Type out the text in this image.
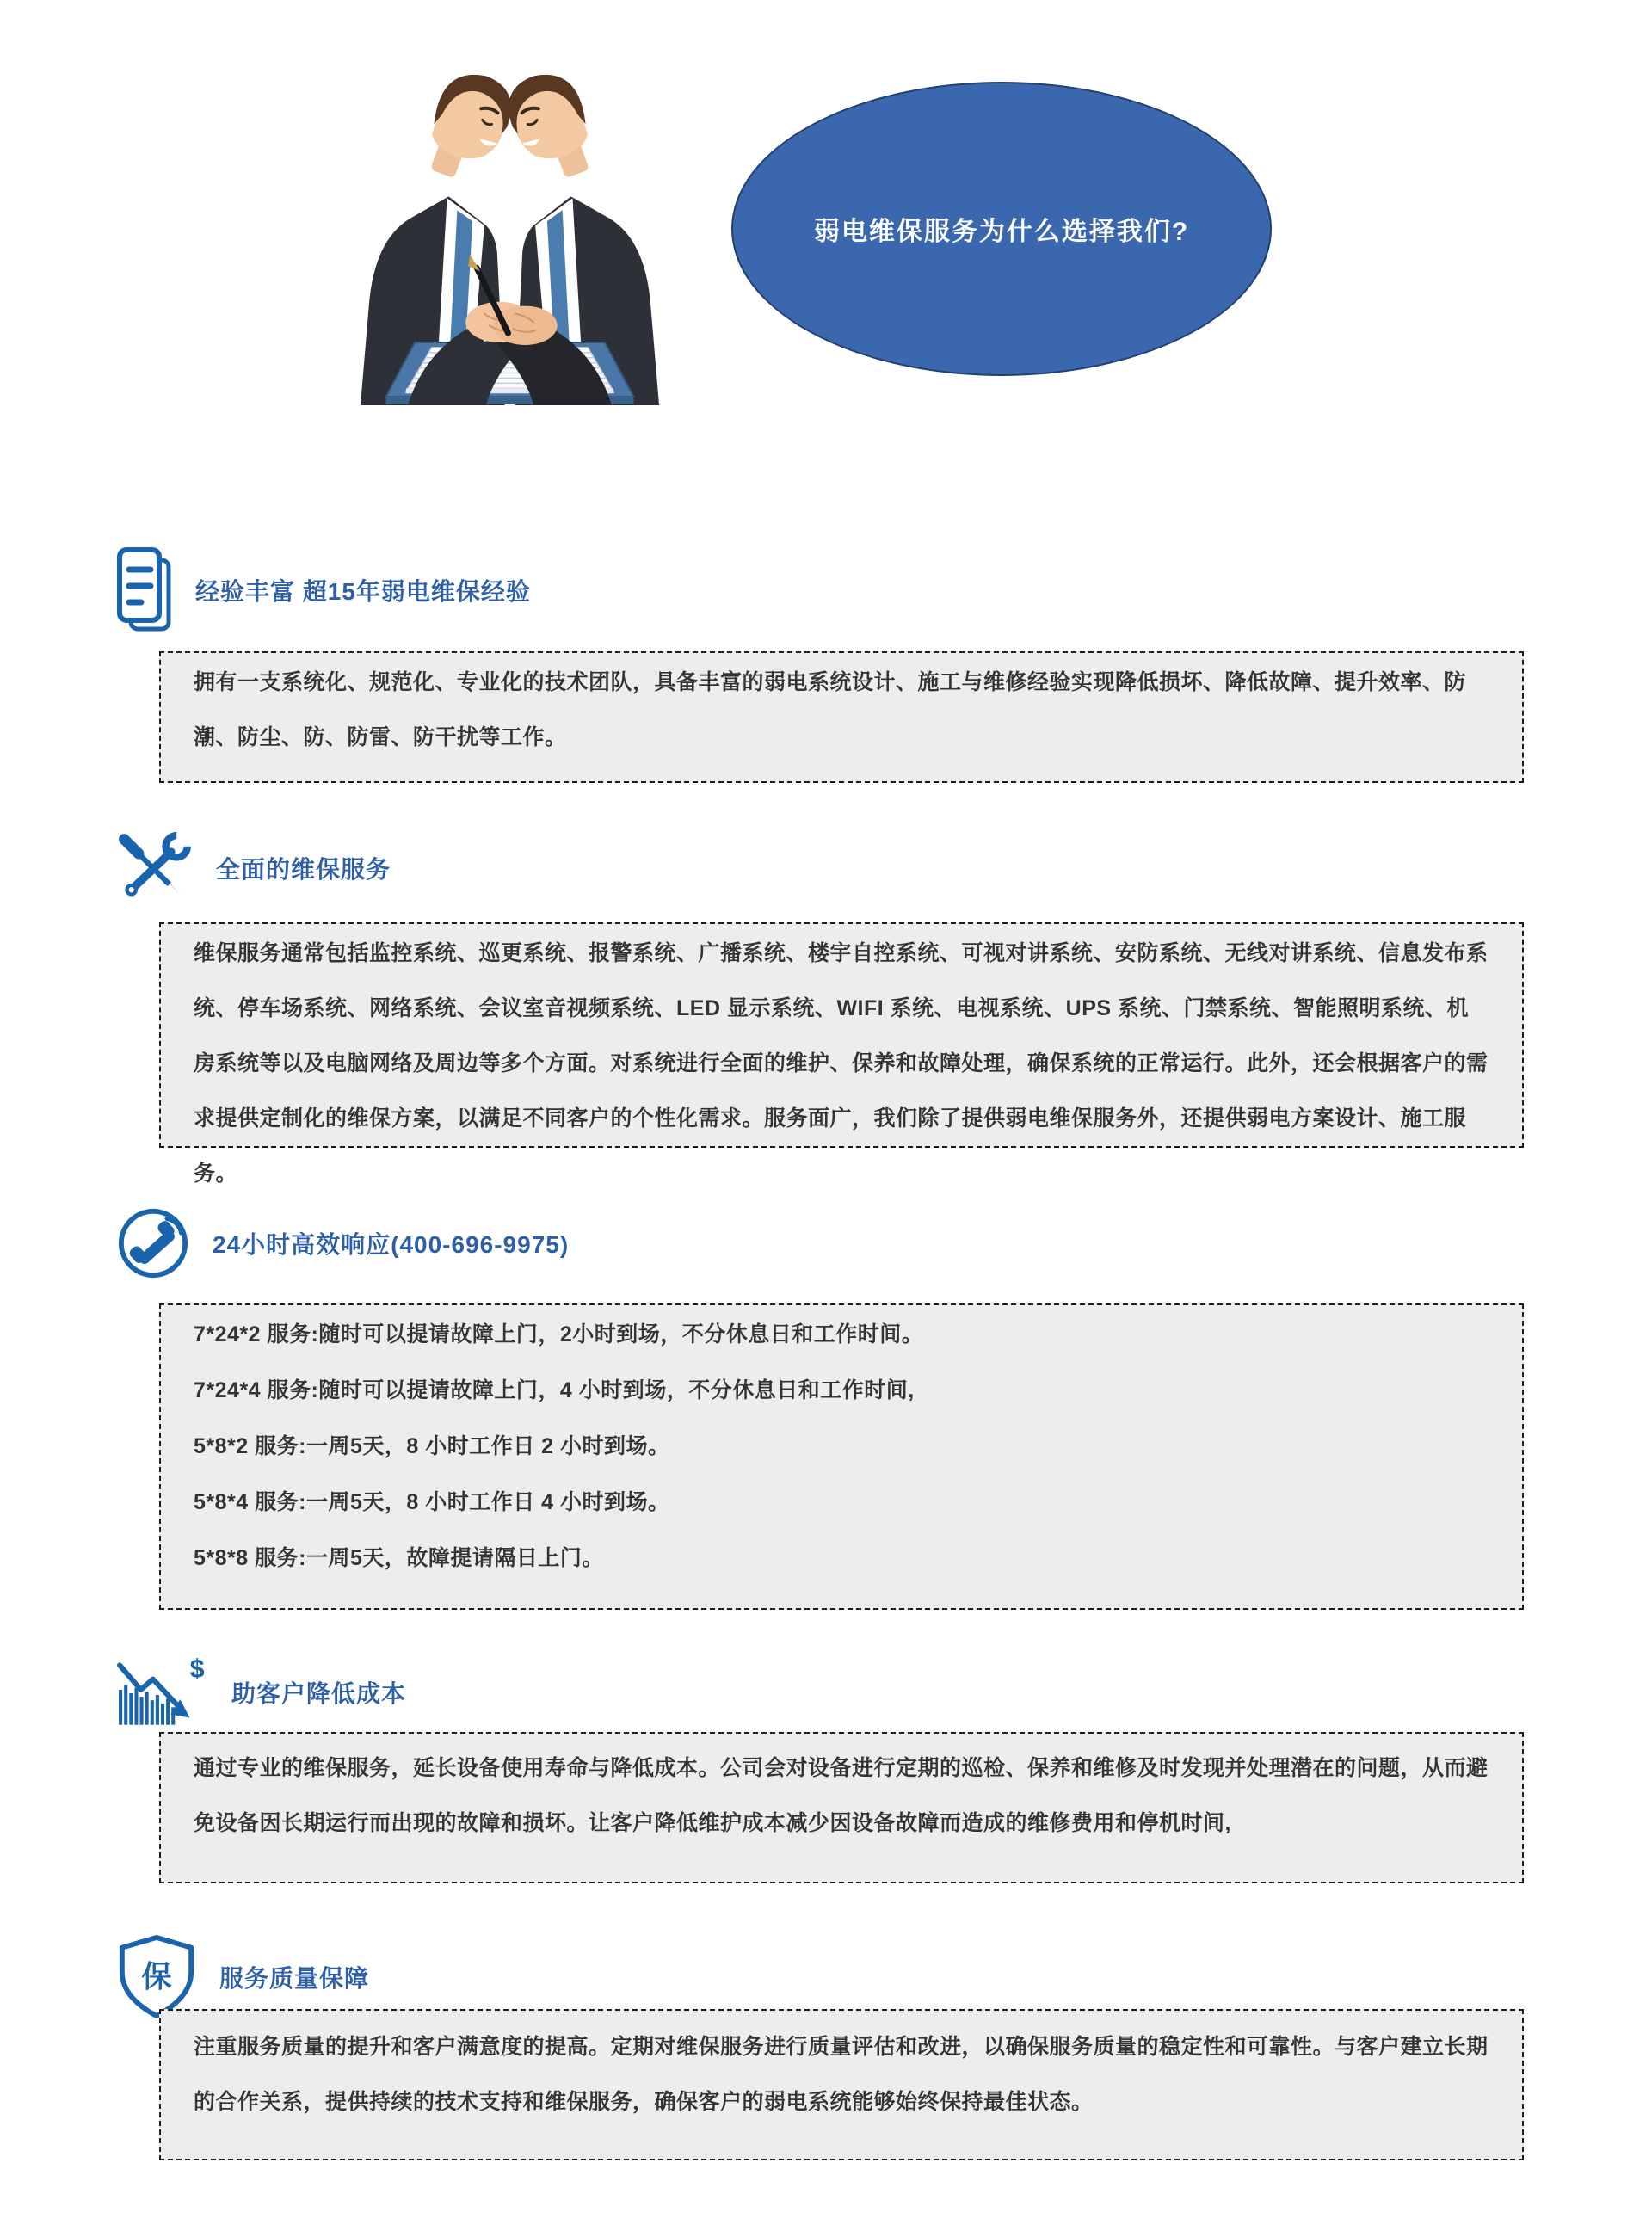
弱电维保服务为什么选择我们?
经验丰富 超15年弱电维保经验

拥有一支系统化、规范化、专业化的技术团队，具备丰富的弱电系统设计、施工与维修经验实现降低损坏、降低故障、提升效率、防潮、防尘、防、防雷、防干扰等工作。

全面的维保服务

维保服务通常包括监控系统、巡更系统、报警系统、广播系统、楼宇自控系统、可视对讲系统、安防系统、无线对讲系统、信息发布系统、停车场系统、网络系统、会议室音视频系统、LED 显示系统、WIFI 系统、电视系统、UPS 系统、门禁系统、智能照明系统、机房系统等以及电脑网络及周边等多个方面。对系统进行全面的维护、保养和故障处理，确保系统的正常运行。此外，还会根据客户的需求提供定制化的维保方案，以满足不同客户的个性化需求。服务面广，我们除了提供弱电维保服务外，还提供弱电方案设计、施工服务。

24小时高效响应(400-696-9975)

7*24*2 服务:随时可以提请故障上门，2小时到场，不分休息日和工作时间。

7*24*4 服务:随时可以提请故障上门，4 小时到场，不分休息日和工作时间,

5*8*2 服务:一周5天，8 小时工作日 2 小时到场。

5*8*4 服务:一周5天，8 小时工作日 4 小时到场。

5*8*8 服务:一周5天，故障提请隔日上门。

$
助客户降低成本

通过专业的维保服务，延长设备使用寿命与降低成本。公司会对设备进行定期的巡检、保养和维修及时发现并处理潜在的问题，从而避免设备因长期运行而出现的故障和损坏。让客户降低维护成本减少因设备故障而造成的维修费用和停机时间,

保 服务质量保障

注重服务质量的提升和客户满意度的提高。定期对维保服务进行质量评估和改进，以确保服务质量的稳定性和可靠性。与客户建立长期的合作关系，提供持续的技术支持和维保服务，确保客户的弱电系统能够始终保持最佳状态。
